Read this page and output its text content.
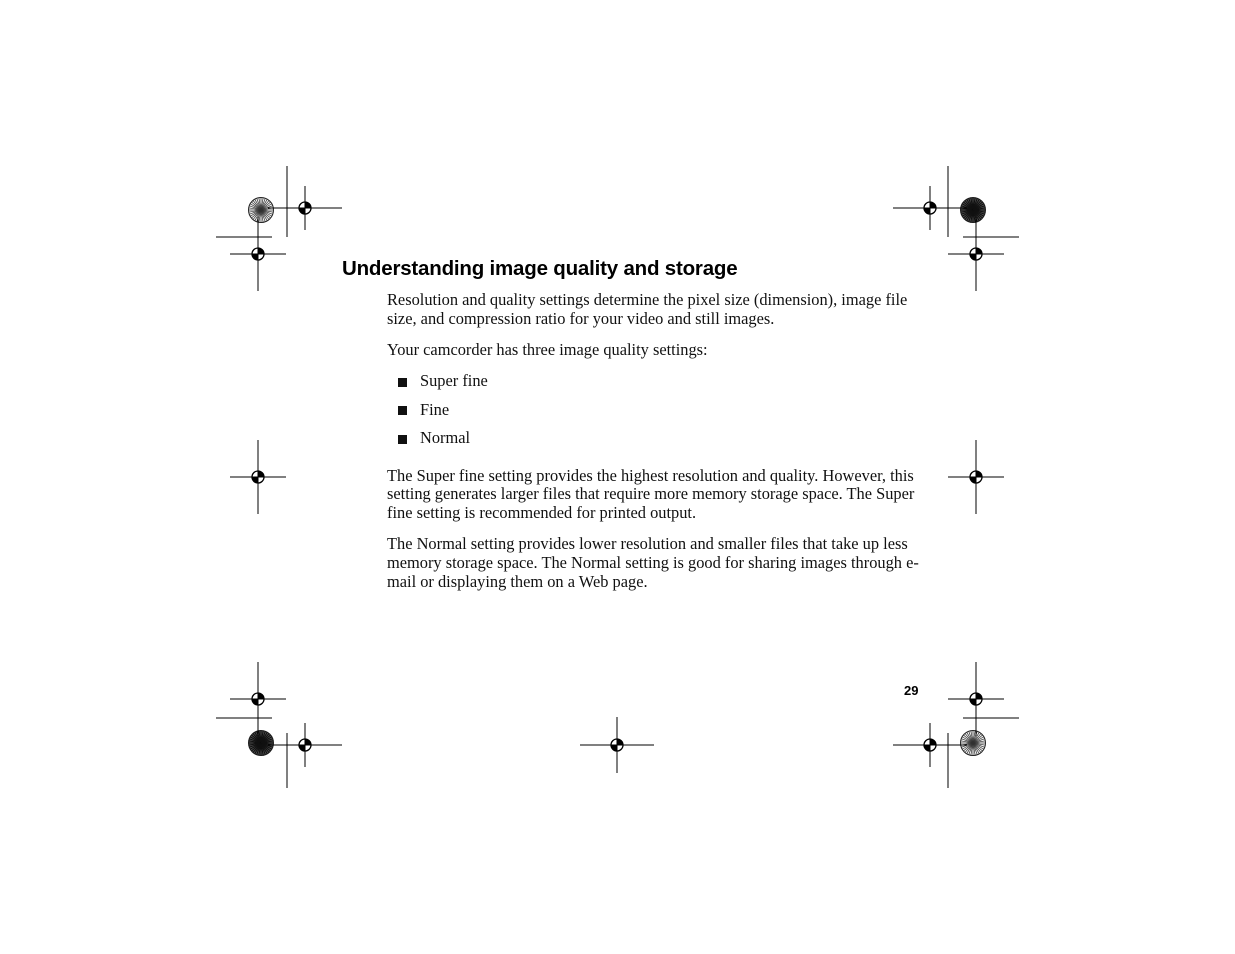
Understanding image quality and storage

Resolution and quality settings determine the pixel size (dimension), image file size, and compression ratio for your video and still images.

Your camcorder has three image quality settings:

Super fine
Fine
Normal

The Super fine setting provides the highest resolution and quality. However, this setting generates larger files that require more memory storage space. The Super fine setting is recommended for printed output.

The Normal setting provides lower resolution and smaller files that take up less memory storage space. The Normal setting is good for sharing images through e-mail or displaying them on a Web page.

29
